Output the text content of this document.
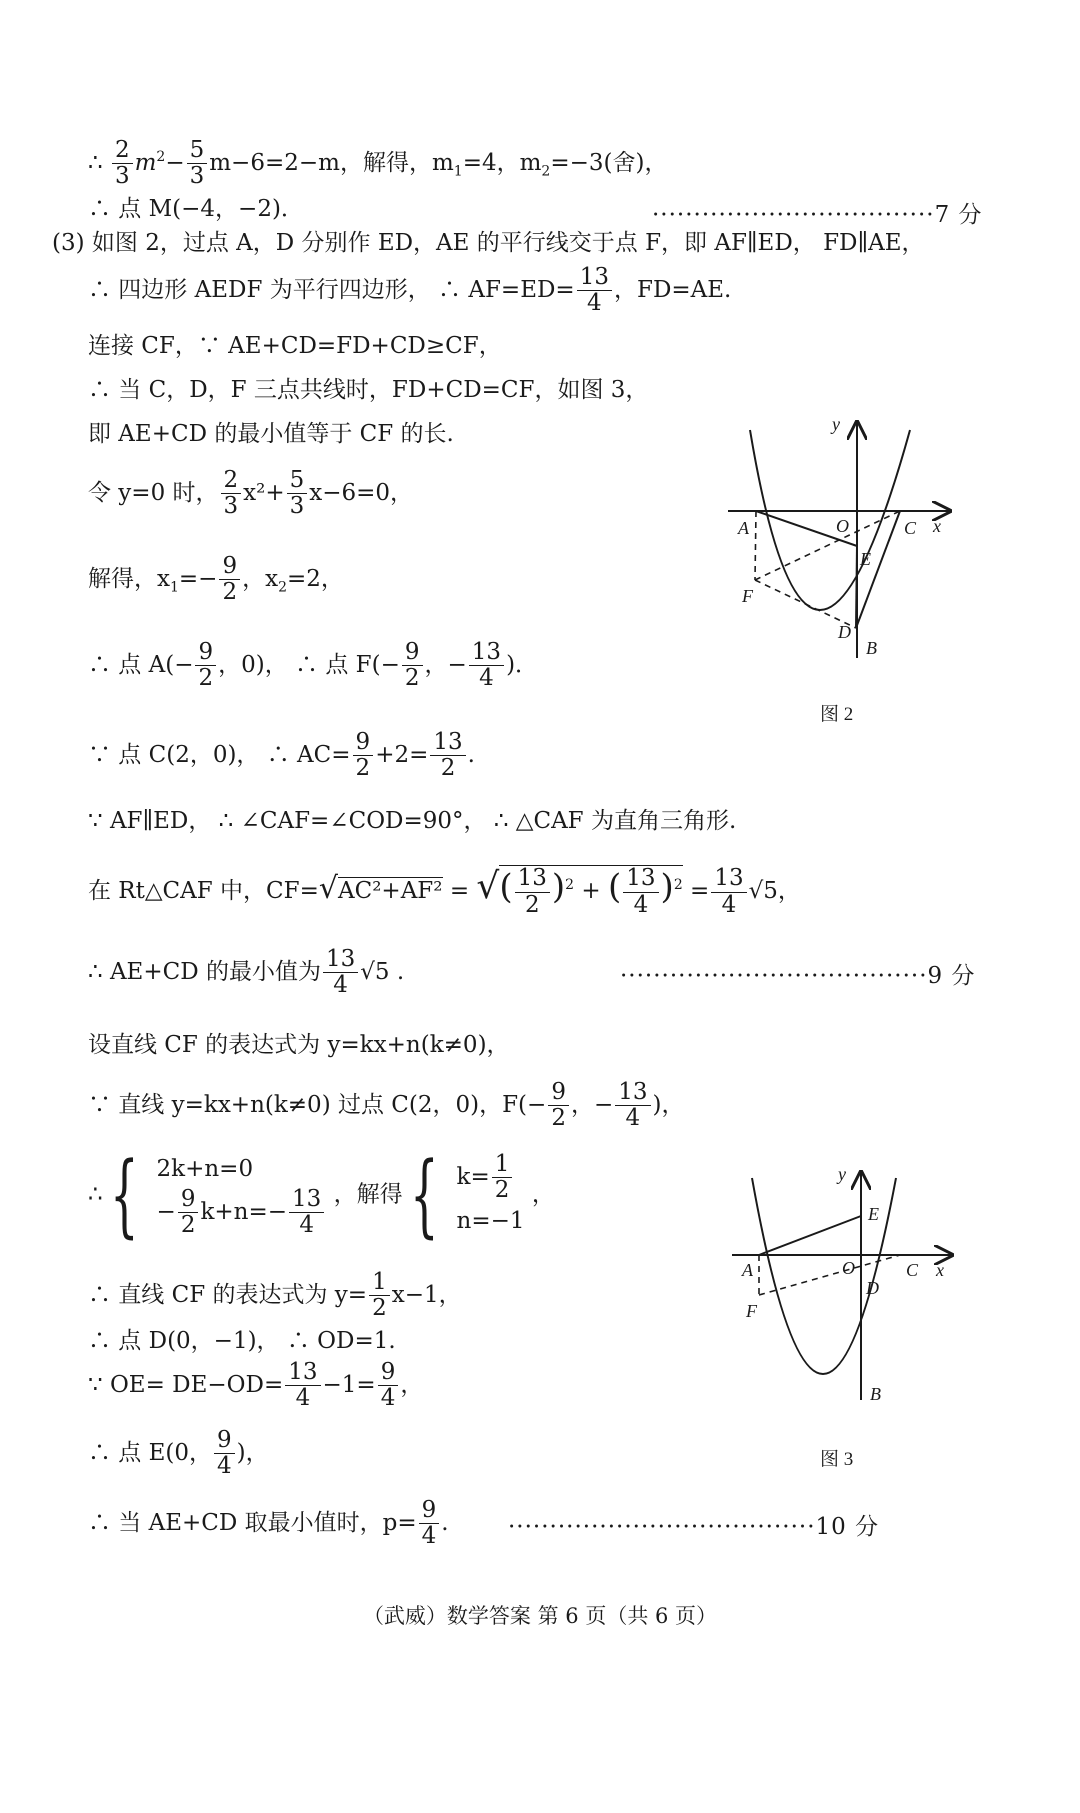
∴ $\frac{2}{3} m^2- \frac{5}{3} m-6=2-m$，解得，$m_1=4$，$m_2=-3$(舍)，
∴ 点 M(−4，−2)．	··································7 分
(3) 如图 2，过点 A，D 分别作 ED，AE 的平行线交于点 F，即 AF∥ED， FD∥AE，
∴ 四边形 AEDF 为平行四边形， ∴ $AF=ED= \frac{13}{4}$ ，FD=AE.
连接 CF，∵ AE+CD=FD+CD≥CF，
∴ 当 C，D，F 三点共线时，FD+CD=CF，如图 3，
即 AE+CD 的最小值等于 CF 的长.
令 y=0 时， $\frac{2}{3} x^2+ \frac{5}{3} x-6=0$，
解得，$x_1=- \frac{9}{2}$ ，$x_2=2$，
∴ 点 $A(- \frac{9}{2}$ ，0)， ∴ 点 $F(- \frac{9}{2}$ ，− $\frac{13}{4}$ )．
∵ 点 C(2，0)， ∴ $AC= \frac{9}{2} +2= \frac{13}{2}$ .
∵ AF∥ED， ∴ ∠CAF=∠COD=90°， ∴ △CAF 为直角三角形.
在 Rt△CAF 中，CF=√AC²+AF² = √( $\frac{13}{2} )^2$ + ( $\frac{13}{4} )^2 = \frac{13}{4} √5$，
∴ AE+CD 的最小值为 $\frac{13}{4} √5$ .	·····································9 分
设直线 CF 的表达式为 y=kx+n(k≠0)，
∵ 直线 y=kx+n(k≠0) 过点 C(2，0)，$F(- \frac{9}{2}$ ，− $\frac{13}{4}$ )，
∴ { 2k+n=0
− $\frac{9}{2} k+n=- \frac{13}{4}$ ，解得 { $k= \frac{1}{2}$
n=−1
，
∴ 直线 CF 的表达式为 $y= \frac{1}{2} x-1$，
∴ 点 D(0，−1)， ∴ OD=1.
∵ $OE= DE-OD= \frac{13}{4} -1= \frac{9}{4}$ ，
∴ 点 E(0， $\frac{9}{4}$ )，
∴ 当 AE+CD 取最小值时，$p= \frac{9}{4}$ .	·····································10 分
y
x
O
A	C
E
F
D
B
图 2
y
x
O
A	C
E
F
D
B
图 3
（武威）数学答案 第 6 页（共 6 页）
